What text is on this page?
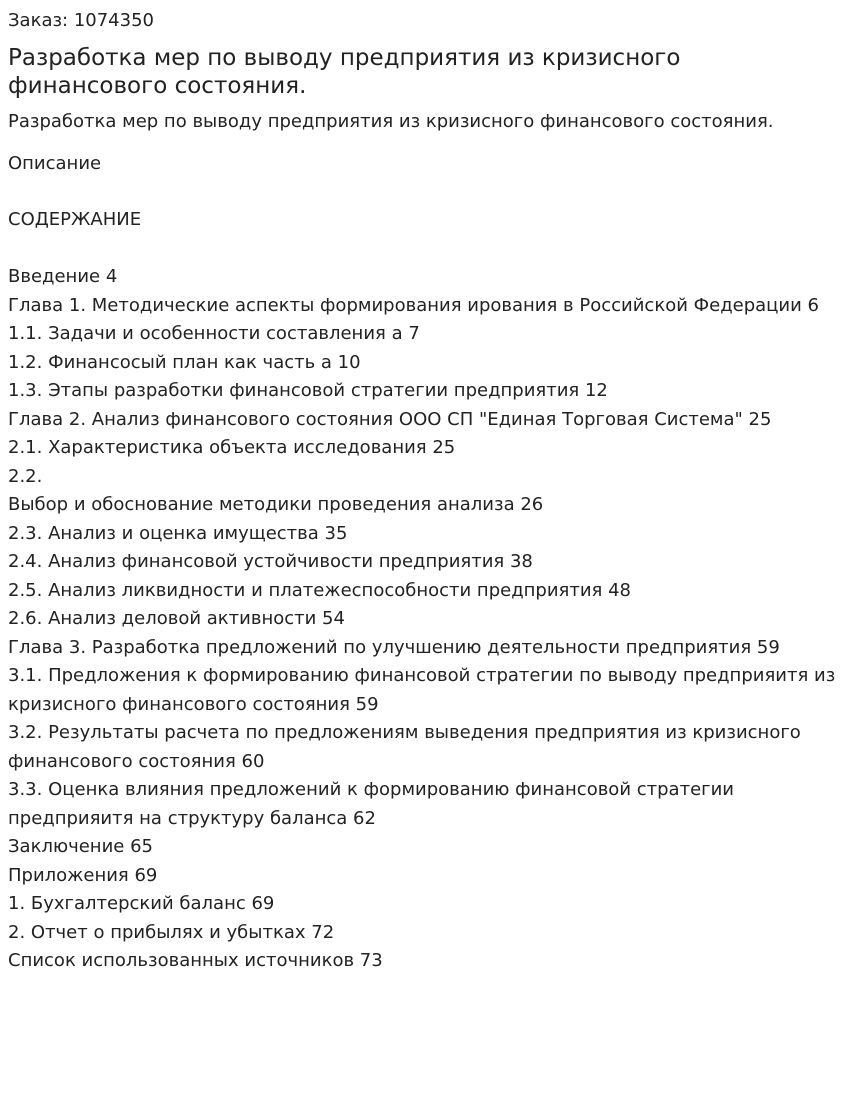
Заказ: 1074350
Разработка мер по выводу предприятия из кризисного финансового состояния.
Разработка мер по выводу предприятия из кризисного финансового состояния.
Описание
СОДЕРЖАНИЕ
Введение 4
Глава 1. Методические аспекты формирования ирования в Российской Федерации 6
1.1. Задачи и особенности составления а 7
1.2. Финансосый план как часть а 10
1.3. Этапы разработки финансовой стратегии предприятия 12
Глава 2. Анализ финансового состояния ООО СП "Единая Торговая Система" 25
2.1. Характеристика объекта исследования 25
2.2.
Выбор и обоснование методики проведения анализа 26
2.3. Анализ и оценка имущества 35
2.4. Анализ финансовой устойчивости предприятия 38
2.5. Анализ ликвидности и платежеспособности предприятия 48
2.6. Анализ деловой активности 54
Глава 3. Разработка предложений по улучшению деятельности предприятия 59
3.1. Предложения к формированию финансовой стратегии по выводу предприяитя из кризисного финансового состояния 59
3.2. Результаты расчета по предложениям выведения предприятия из кризисного финансового состояния 60
3.3. Оценка влияния предложений к формированию финансовой стратегии предприяитя на структуру баланса 62
Заключение 65
Приложения 69
1. Бухгалтерский баланс 69
2. Отчет о прибылях и убытках 72
Список использованных источников 73
